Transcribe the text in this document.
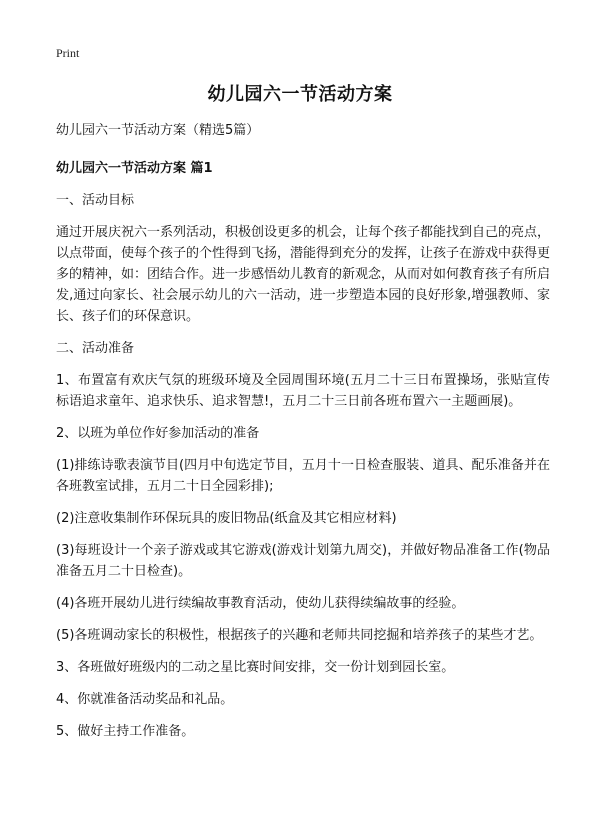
Print
幼儿园六一节活动方案

幼儿园六一节活动方案（精选5篇）

幼儿园六一节活动方案 篇1

一、活动目标

通过开展庆祝六一系列活动，积极创设更多的机会，让每个孩子都能找到自己的亮点，以点带面，使每个孩子的个性得到飞扬，潜能得到充分的发挥，让孩子在游戏中获得更多的精神，如：团结合作。进一步感悟幼儿教育的新观念，从而对如何教育孩子有所启发,通过向家长、社会展示幼儿的六一活动，进一步塑造本园的良好形象,增强教师、家长、孩子们的环保意识。

二、活动准备

1、布置富有欢庆气氛的班级环境及全园周围环境(五月二十三日布置操场，张贴宣传标语追求童年、追求快乐、追求智慧!，五月二十三日前各班布置六一主题画展)。

2、以班为单位作好参加活动的准备

(1)排练诗歌表演节目(四月中旬选定节目，五月十一日检查服装、道具、配乐准备并在各班教室试排，五月二十日全园彩排);

(2)注意收集制作环保玩具的废旧物品(纸盒及其它相应材料)

(3)每班设计一个亲子游戏或其它游戏(游戏计划第九周交)，并做好物品准备工作(物品准备五月二十日检查)。

(4)各班开展幼儿进行续编故事教育活动，使幼儿获得续编故事的经验。

(5)各班调动家长的积极性，根据孩子的兴趣和老师共同挖掘和培养孩子的某些才艺。

3、各班做好班级内的二动之星比赛时间安排，交一份计划到园长室。

4、你就准备活动奖品和礼品。

5、做好主持工作准备。
